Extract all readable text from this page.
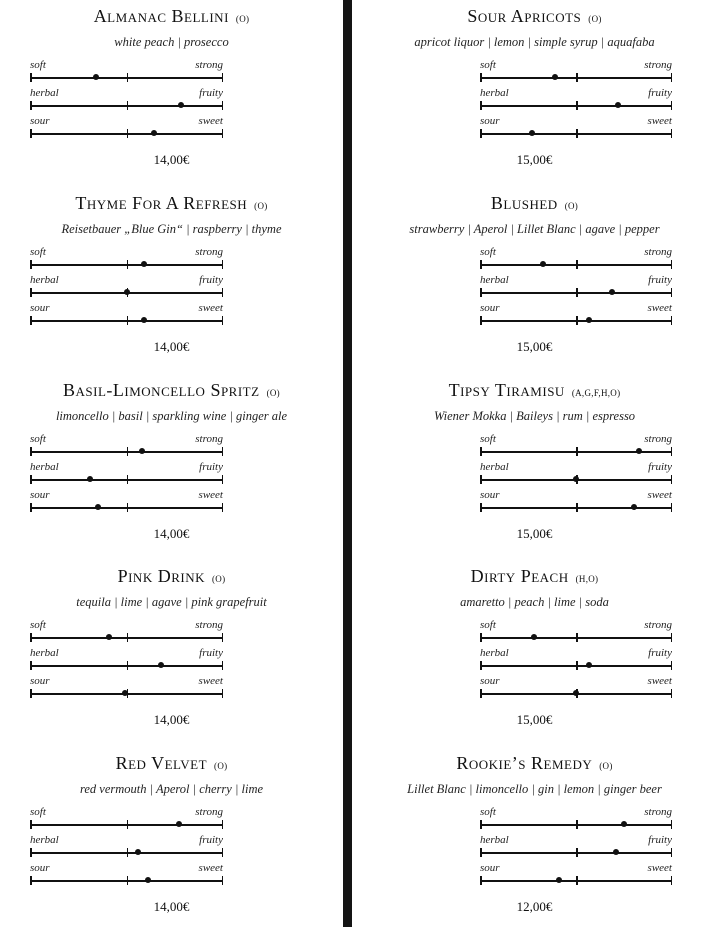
Almanac Bellini (O)
white peach | prosecco
soft	strong
herbal	fruity
sour	sweet
14,00€
Thyme For A Refresh (O)
Reisetbauer „Blue Gin“ | raspberry | thyme
soft	strong
herbal	fruity
sour	sweet
14,00€
Basil-Limoncello Spritz (O)
limoncello | basil | sparkling wine | ginger ale
soft	strong
herbal	fruity
sour	sweet
14,00€
Pink Drink (O)
tequila | lime | agave | pink grapefruit
soft	strong
herbal	fruity
sour	sweet
14,00€
Red Velvet (O)
red vermouth | Aperol | cherry | lime
soft	strong
herbal	fruity
sour	sweet
14,00€
Sour Apricots (O)
apricot liquor | lemon | simple syrup | aquafaba
soft	strong
herbal	fruity
sour	sweet
15,00€
Blushed (O)
strawberry | Aperol | Lillet Blanc | agave | pepper
soft	strong
herbal	fruity
sour	sweet
15,00€
Tipsy Tiramisu (A,G,F,H,O)
Wiener Mokka | Baileys | rum | espresso
soft	strong
herbal	fruity
sour	sweet
15,00€
Dirty Peach (H,O)
amaretto | peach | lime | soda
soft	strong
herbal	fruity
sour	sweet
15,00€
Rookie’s Remedy (O)
Lillet Blanc | limoncello | gin | lemon | ginger beer
soft	strong
herbal	fruity
sour	sweet
12,00€
